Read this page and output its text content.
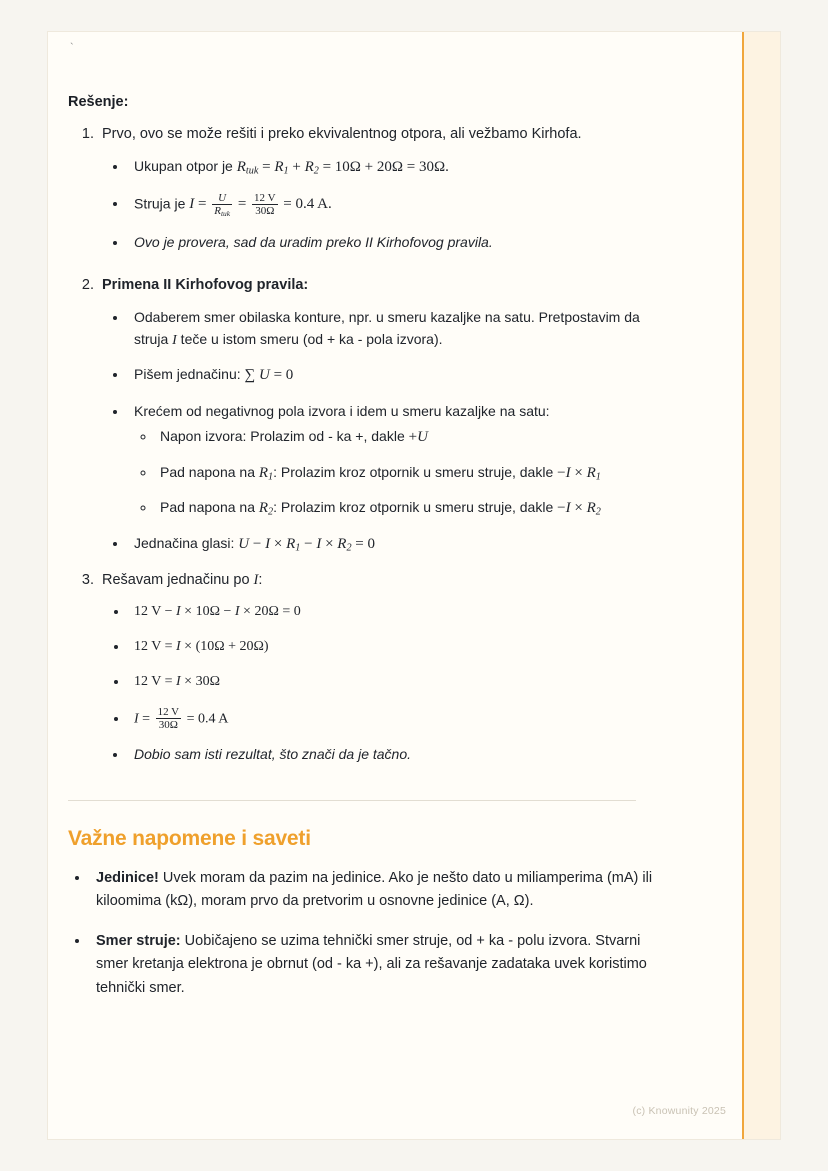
`
Rešenje:
1. Prvo, ovo se može rešiti i preko ekvivalentnog otpora, ali vežbamo Kirhofa.
• Ukupan otpor je $R_{tuk} = R_1 + R_2 = 10\Omega + 20\Omega = 30\Omega$.
• Struja je $I = \frac{U}{R_{tuk}} = \frac{12 V}{30\Omega} = 0.4$ A.
• Ovo je provera, sad da uradim preko II Kirhofovog pravila.
2. Primena II Kirhofovog pravila:
• Odaberem smer obilaska konture, npr. u smeru kazaljke na satu. Pretpostavim da struja I teče u istom smeru (od + ka - pola izvora).
• Pišem jednačinu: ∑ U = 0
• Krećem od negativnog pola izvora i idem u smeru kazaljke na satu:
◦ Napon izvora: Prolazim od - ka +, dakle +U
◦ Pad napona na $R_1$: Prolazim kroz otpornik u smeru struje, dakle $-I \times R_1$
◦ Pad napona na $R_2$: Prolazim kroz otpornik u smeru struje, dakle $-I \times R_2$
• Jednačina glasi: $U - I \times R_1 - I \times R_2 = 0$
3. Rešavam jednačinu po I:
• 12 V − I × 10Ω − I × 20Ω = 0
• 12 V = I × (10Ω + 20Ω)
• 12 V = I × 30Ω
• $I = \frac{12 V}{30\Omega} = 0.4$ A
• Dobio sam isti rezultat, što znači da je tačno.
Važne napomene i saveti
• Jedinice! Uvek moram da pazim na jedinice. Ako je nešto dato u miliamperima (mA) ili kiloomima (kΩ), moram prvo da pretvorim u osnovne jedinice (A, Ω).
• Smer struje: Uobičajeno se uzima tehnički smer struje, od + ka - polu izvora. Stvarni smer kretanja elektrona je obrnut (od - ka +), ali za rešavanje zadataka uvek koristimo tehnički smer.
(c) Knowunity 2025
